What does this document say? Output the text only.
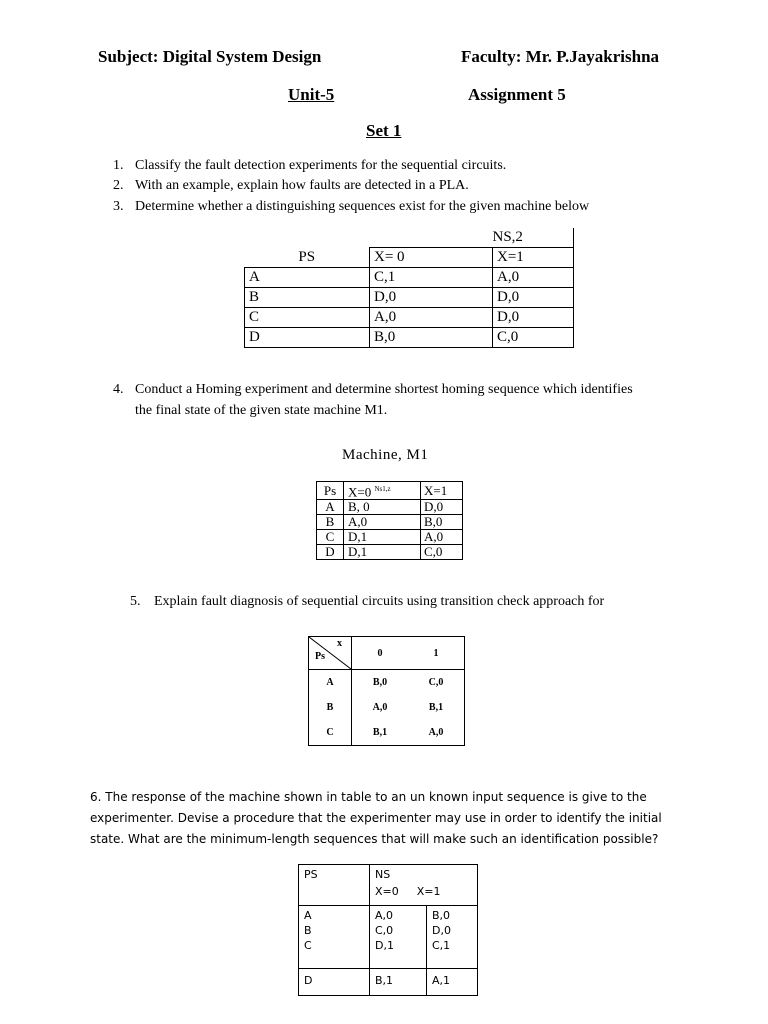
Subject: Digital System Design	Faculty: Mr. P.Jayakrishna
Unit-5	Assignment 5
Set 1
1. Classify the fault detection experiments for the sequential circuits.
2. With an example, explain how faults are detected in a PLA.
3. Determine whether a distinguishing sequences exist for the given machine below
		NS,2
PS	X= 0	X=1
A	C,1	A,0
B	D,0	D,0
C	A,0	D,0
D	B,0	C,0
4. Conduct a Homing experiment and determine shortest homing sequence which identifies
the final state of the given state machine M1.
Machine, M1
Ps	X=0 $^{Ns1,z}$	X=1
A	B, 0	D,0
B	A,0	B,0
C	D,1	A,0
D	D,1	C,0
5. Explain fault diagnosis of sequential circuits using transition check approach for
x
Ps	0	1
A	B,0	C,0
B	A,0	B,1
C	B,1	A,0
6. The response of the machine shown in table to an un known input sequence is give to the
experimenter. Devise a procedure that the experimenter may use in order to identify the initial
state. What are the minimum-length sequences that will make such an identification possible?
PS	NS
X=0 X=1	

A	A,0	B,0
B	C,0	D,0
C	D,1	C,1
D	B,1	A,1
